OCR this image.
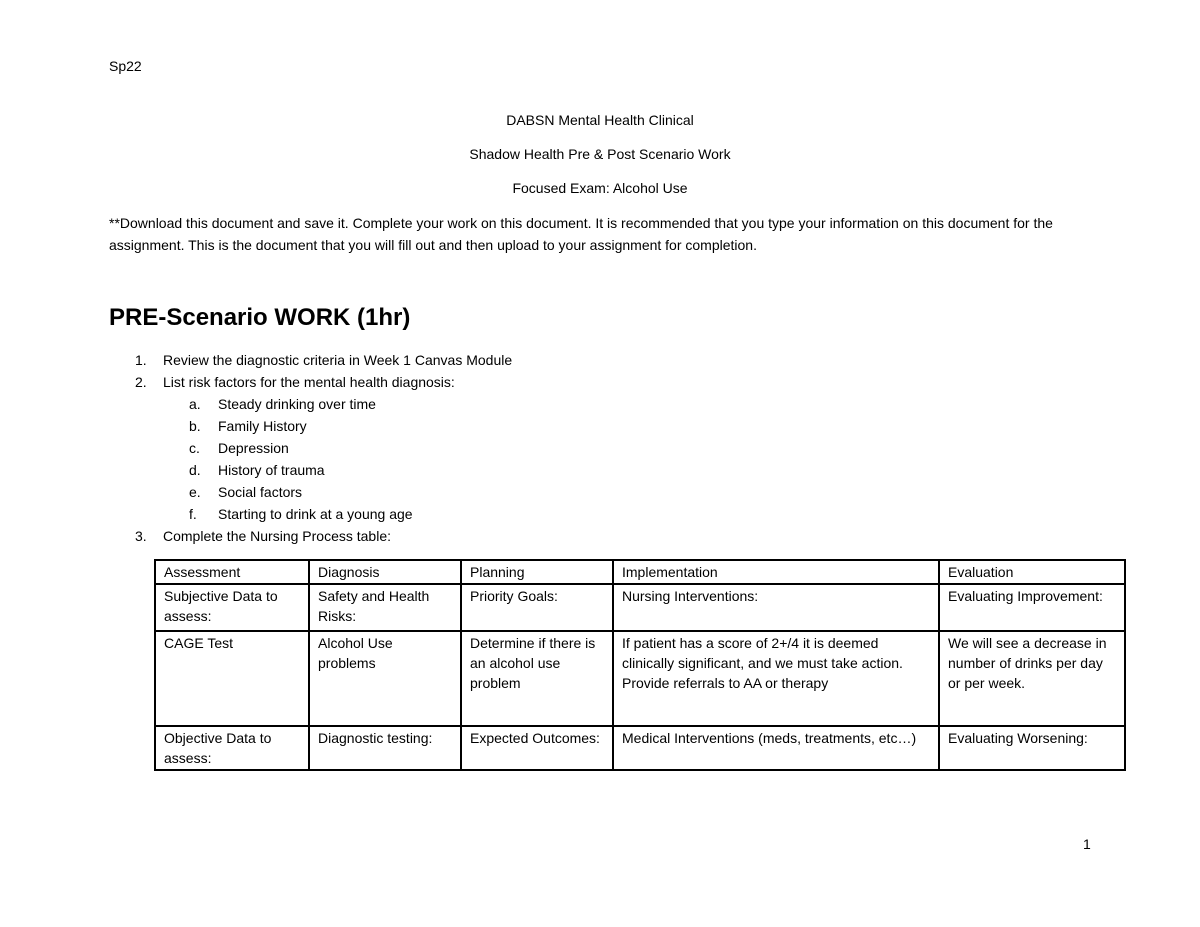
Sp22
DABSN Mental Health Clinical
Shadow Health Pre & Post Scenario Work
Focused Exam: Alcohol Use
**Download this document and save it. Complete your work on this document. It is recommended that you type your information on this document for the assignment. This is the document that you will fill out and then upload to your assignment for completion.
PRE-Scenario WORK (1hr)
1. Review the diagnostic criteria in Week 1 Canvas Module
2. List risk factors for the mental health diagnosis:
a. Steady drinking over time
b. Family History
c. Depression
d. History of trauma
e. Social factors
f. Starting to drink at a young age
3. Complete the Nursing Process table:
Assessment	Diagnosis	Planning	Implementation	Evaluation
Subjective Data to assess:	Safety and Health Risks:	Priority Goals:	Nursing Interventions:	Evaluating Improvement:
CAGE Test	Alcohol Use problems	Determine if there is an alcohol use problem	If patient has a score of 2+/4 it is deemed clinically significant, and we must take action. Provide referrals to AA or therapy	We will see a decrease in number of drinks per day or per week.
Objective Data to assess:	Diagnostic testing:	Expected Outcomes:	Medical Interventions (meds, treatments, etc…)	Evaluating Worsening:
1
